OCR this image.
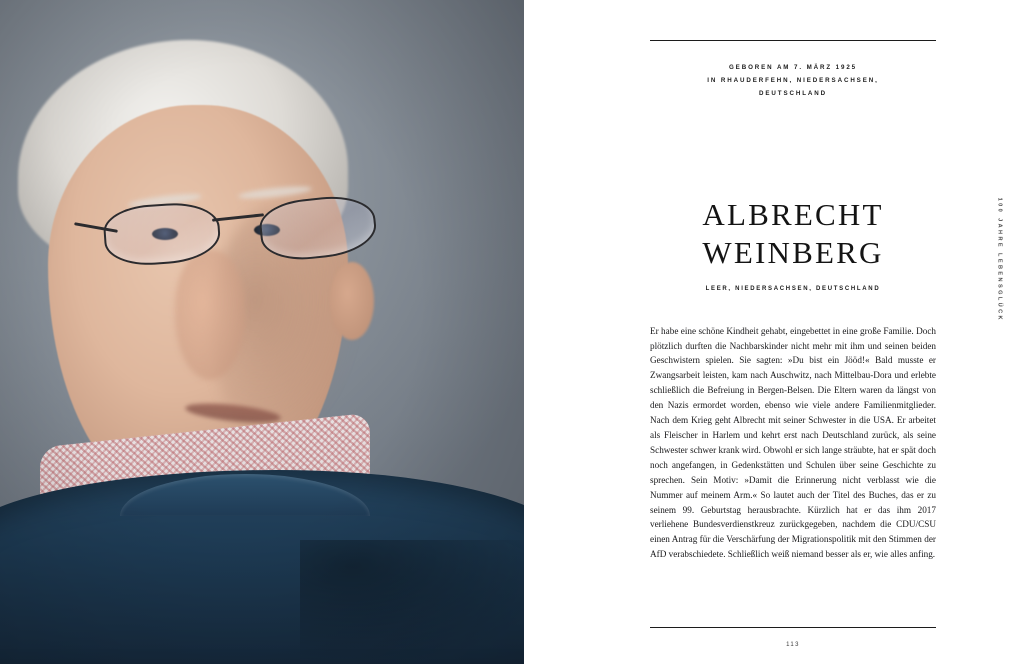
GEBOREN AM 7. MÄRZ 1925
IN RHAUDERFEHN, NIEDERSACHSEN,
DEUTSCHLAND
ALBRECHT
WEINBERG
LEER, NIEDERSACHSEN, DEUTSCHLAND

Er habe eine schöne Kindheit gehabt, eingebettet in eine große Familie. Doch plötzlich durften die Nachbarskinder nicht mehr mit ihm und seinen beiden Geschwistern spielen. Sie sagten: »Du bist ein Jööd!« Bald musste er Zwangsarbeit leisten, kam nach Auschwitz, nach Mittelbau-Dora und erlebte schließlich die Befreiung in Bergen-Belsen. Die Eltern waren da längst von den Nazis ermordet worden, ebenso wie viele andere Familienmitglieder. Nach dem Krieg geht Albrecht mit seiner Schwester in die USA. Er arbeitet als Fleischer in Harlem und kehrt erst nach Deutschland zurück, als seine Schwester schwer krank wird. Obwohl er sich lange sträubte, hat er spät doch noch angefangen, in Gedenkstätten und Schulen über seine Geschichte zu sprechen. Sein Motiv: »Damit die Erinnerung nicht verblasst wie die Nummer auf meinem Arm.« So lautet auch der Titel des Buches, das er zu seinem 99. Geburtstag herausbrachte. Kürzlich hat er das ihm 2017 verliehene Bundesverdienstkreuz zurückgegeben, nachdem die CDU/CSU einen Antrag für die Verschärfung der Migrationspolitik mit den Stimmen der AfD verabschiedete. Schließlich weiß niemand besser als er, wie alles anfing.

113
100 JAHRE LEBENSGLÜCK
